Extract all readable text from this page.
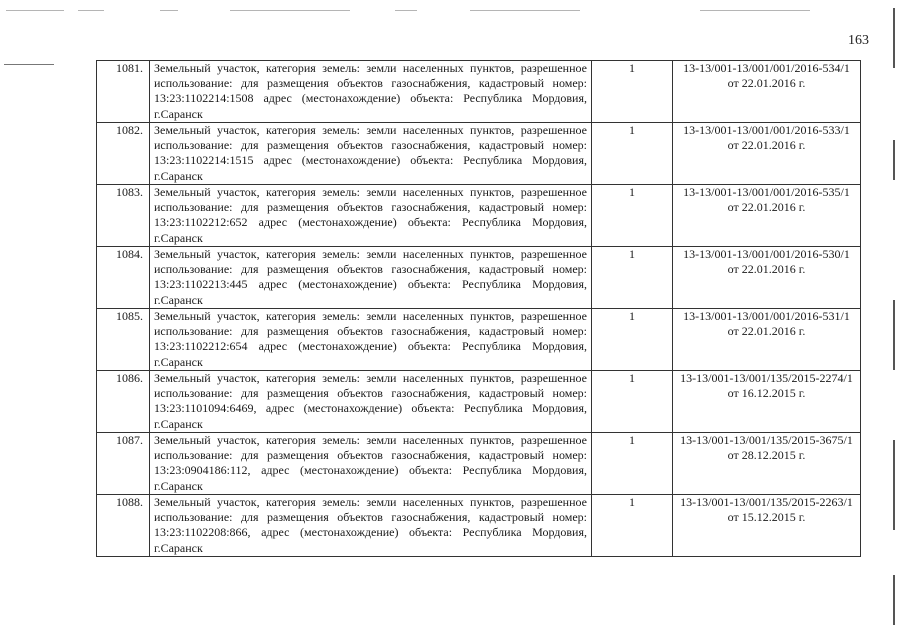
163
1081.	Земельный участок, категория земель: земли населенных пунктов, разрешенное использование: для размещения объектов газоснабжения, кадастровый номер: 13:23:1102214:1508 адрес (местонахождение) объекта: Республика Мордовия, г.Саранск	1	13-13/001-13/001/001/2016-534/1 от 22.01.2016 г.
1082.	Земельный участок, категория земель: земли населенных пунктов, разрешенное использование: для размещения объектов газоснабжения, кадастровый номер: 13:23:1102214:1515 адрес (местонахождение) объекта: Республика Мордовия, г.Саранск	1	13-13/001-13/001/001/2016-533/1 от 22.01.2016 г.
1083.	Земельный участок, категория земель: земли населенных пунктов, разрешенное использование: для размещения объектов газоснабжения, кадастровый номер: 13:23:1102212:652 адрес (местонахождение) объекта: Республика Мордовия, г.Саранск	1	13-13/001-13/001/001/2016-535/1 от 22.01.2016 г.
1084.	Земельный участок, категория земель: земли населенных пунктов, разрешенное использование: для размещения объектов газоснабжения, кадастровый номер: 13:23:1102213:445 адрес (местонахождение) объекта: Республика Мордовия, г.Саранск	1	13-13/001-13/001/001/2016-530/1 от 22.01.2016 г.
1085.	Земельный участок, категория земель: земли населенных пунктов, разрешенное использование: для размещения объектов газоснабжения, кадастровый номер: 13:23:1102212:654 адрес (местонахождение) объекта: Республика Мордовия, г.Саранск	1	13-13/001-13/001/001/2016-531/1 от 22.01.2016 г.
1086.	Земельный участок, категория земель: земли населенных пунктов, разрешенное использование: для размещения объектов газоснабжения, кадастровый номер: 13:23:1101094:6469, адрес (местонахождение) объекта: Республика Мордовия, г.Саранск	1	13-13/001-13/001/135/2015-2274/1 от 16.12.2015 г.
1087.	Земельный участок, категория земель: земли населенных пунктов, разрешенное использование: для размещения объектов газоснабжения, кадастровый номер: 13:23:0904186:112, адрес (местонахождение) объекта: Республика Мордовия, г.Саранск	1	13-13/001-13/001/135/2015-3675/1 от 28.12.2015 г.
1088.	Земельный участок, категория земель: земли населенных пунктов, разрешенное использование: для размещения объектов газоснабжения, кадастровый номер: 13:23:1102208:866, адрес (местонахождение) объекта: Республика Мордовия, г.Саранск	1	13-13/001-13/001/135/2015-2263/1 от 15.12.2015 г.
